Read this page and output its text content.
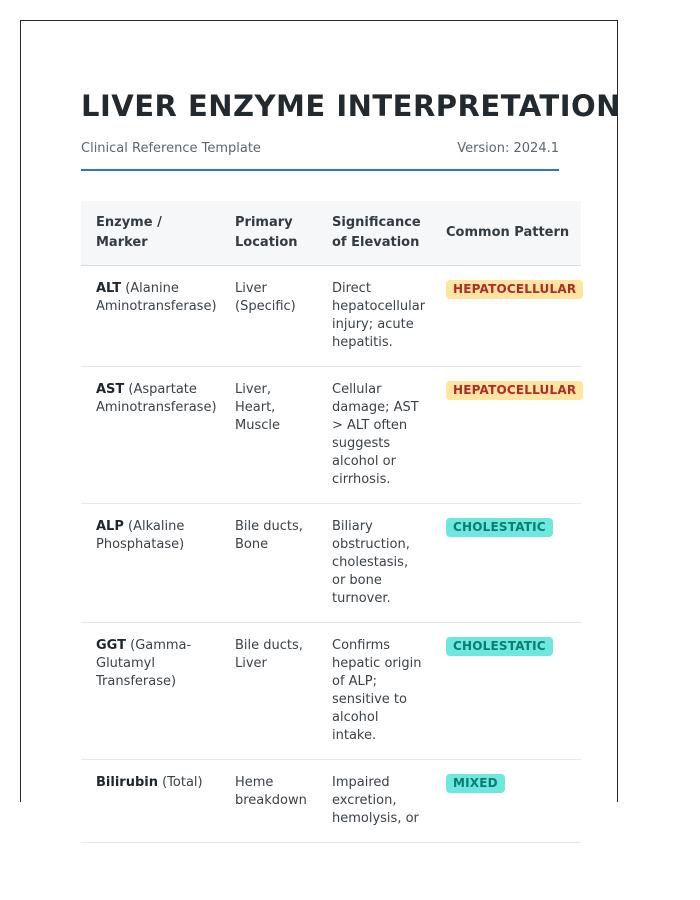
LIVER ENZYME INTERPRETATION
Clinical Reference Template	Version: 2024.1
Enzyme / Marker	Primary Location	Significance of Elevation	Common Pattern
ALT (Alanine Aminotransferase)	Liver (Specific)	Direct hepatocellular injury; acute hepatitis.	HEPATOCELLULAR
AST (Aspartate Aminotransferase)	Liver, Heart, Muscle	Cellular damage; AST > ALT often suggests alcohol or cirrhosis.	HEPATOCELLULAR
ALP (Alkaline Phosphatase)	Bile ducts, Bone	Biliary obstruction, cholestasis, or bone turnover.	CHOLESTATIC
GGT (Gamma-Glutamyl Transferase)	Bile ducts, Liver	Confirms hepatic origin of ALP; sensitive to alcohol intake.	CHOLESTATIC
Bilirubin (Total)	Heme breakdown	Impaired excretion, hemolysis, or	MIXED
